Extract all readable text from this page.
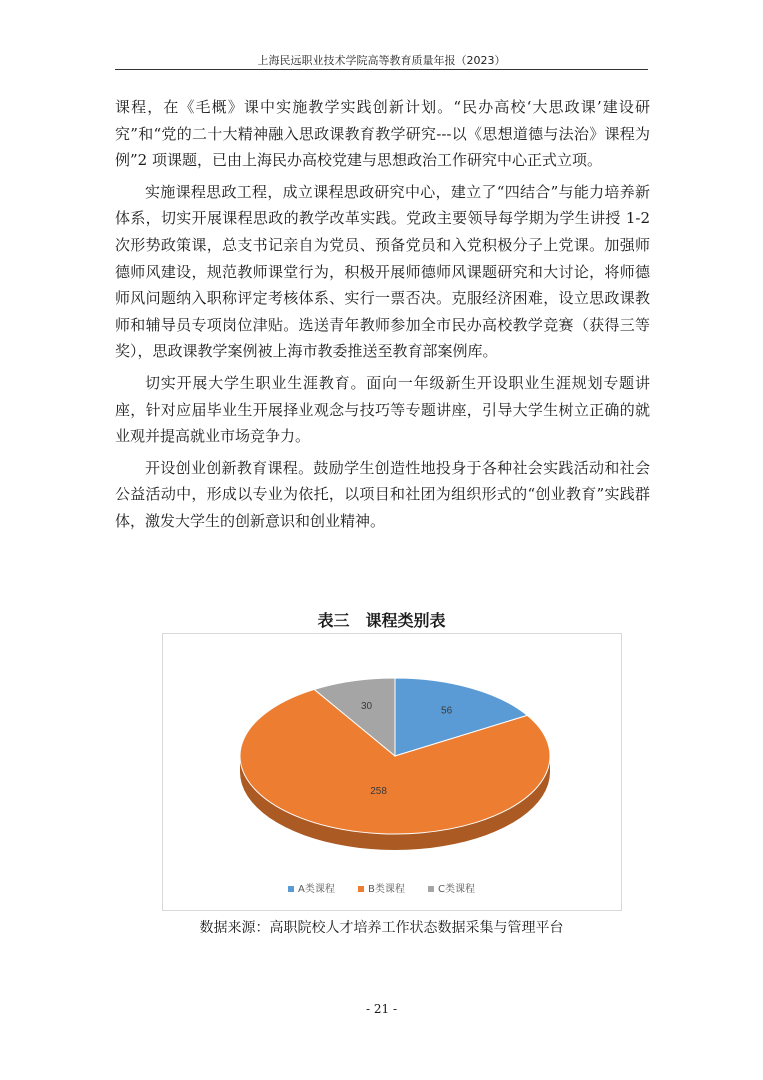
上海民远职业技术学院高等教育质量年报（2023）

课程，在《毛概》课中实施教学实践创新计划。“民办高校‘大思政课’建设研究”和“党的二十大精神融入思政课教育教学研究---以《思想道德与法治》课程为例”2 项课题，已由上海民办高校党建与思想政治工作研究中心正式立项。

实施课程思政工程，成立课程思政研究中心，建立了“四结合”与能力培养新体系，切实开展课程思政的教学改革实践。党政主要领导每学期为学生讲授 1-2 次形势政策课，总支书记亲自为党员、预备党员和入党积极分子上党课。加强师德师风建设，规范教师课堂行为，积极开展师德师风课题研究和大讨论，将师德师风问题纳入职称评定考核体系、实行一票否决。克服经济困难，设立思政课教师和辅导员专项岗位津贴。选送青年教师参加全市民办高校教学竞赛（获得三等奖），思政课教学案例被上海市教委推送至教育部案例库。

切实开展大学生职业生涯教育。面向一年级新生开设职业生涯规划专题讲座，针对应届毕业生开展择业观念与技巧等专题讲座，引导大学生树立正确的就业观并提高就业市场竞争力。

开设创业创新教育课程。鼓励学生创造性地投身于各种社会实践活动和社会公益活动中，形成以专业为依托，以项目和社团为组织形式的“创业教育”实践群体，激发大学生的创新意识和创业精神。

表三　课程类别表
56
258
30
A类课程	B类课程	C类课程
数据来源：高职院校人才培养工作状态数据采集与管理平台
- 21 -
